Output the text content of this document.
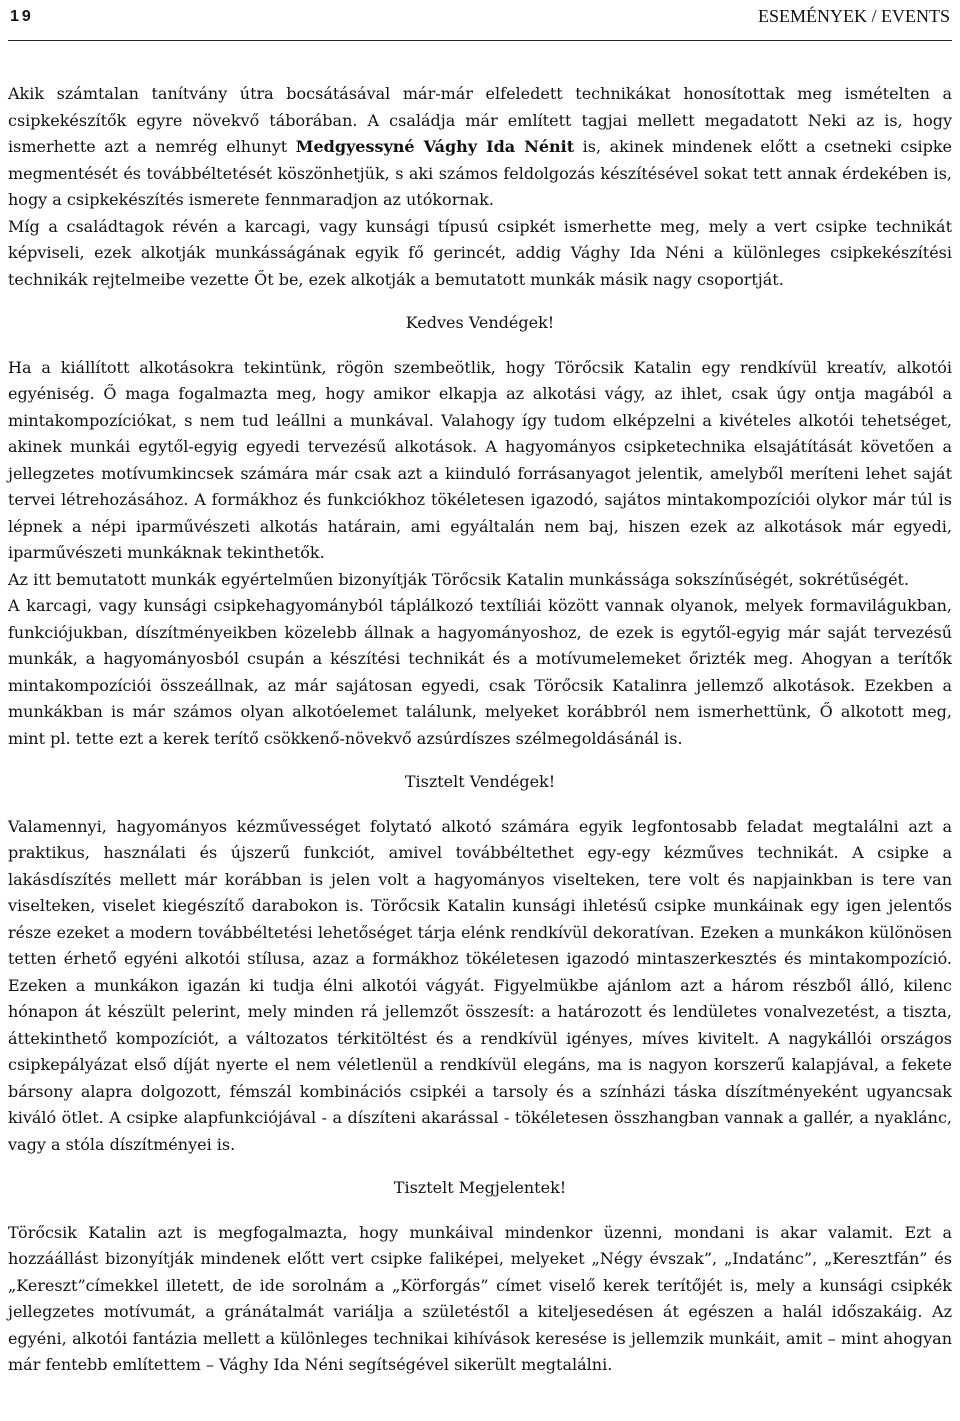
19	ESEMÉNYEK / EVENTS

Akik számtalan tanítvány útra bocsátásával már-már elfeledett technikákat honosítottak meg ismételten a csipkekészítők egyre növekvő táborában. A családja már említett tagjai mellett megadatott Neki az is, hogy ismerhette azt a nemrég elhunyt Medgyessyné Vághy Ida Nénit is, akinek mindenek előtt a csetneki csipke megmentését és továbbéltetését köszönhetjük, s aki számos feldolgozás készítésével sokat tett annak érdekében is, hogy a csipkekészítés ismerete fennmaradjon az utókornak.

Míg a családtagok révén a karcagi, vagy kunsági típusú csipkét ismerhette meg, mely a vert csipke technikát képviseli, ezek alkotják munkásságának egyik fő gerincét, addig Vághy Ida Néni a különleges csipkekészítési technikák rejtelmeibe vezette Őt be, ezek alkotják a bemutatott munkák másik nagy csoportját.

Kedves Vendégek!

Ha a kiállított alkotásokra tekintünk, rögön szembeötlik, hogy Törőcsik Katalin egy rendkívül kreatív, alkotói egyéniség. Ő maga fogalmazta meg, hogy amikor elkapja az alkotási vágy, az ihlet, csak úgy ontja magából a mintakompozíciókat, s nem tud leállni a munkával. Valahogy így tudom elképzelni a kivételes alkotói tehetséget, akinek munkái egytől-egyig egyedi tervezésű alkotások. A hagyományos csipketechnika elsajátítását követően a jellegzetes motívumkincsek számára már csak azt a kiinduló forrásanyagot jelentik, amelyből meríteni lehet saját tervei létrehozásához. A formákhoz és funkciókhoz tökéletesen igazodó, sajátos mintakompozíciói olykor már túl is lépnek a népi iparművészeti alkotás határain, ami egyáltalán nem baj, hiszen ezek az alkotások már egyedi, iparművészeti munkáknak tekinthetők.

Az itt bemutatott munkák egyértelműen bizonyítják Törőcsik Katalin munkássága sokszínűségét, sokrétűségét.

A karcagi, vagy kunsági csipkehagyományból táplálkozó textíliái között vannak olyanok, melyek formavilágukban, funkciójukban, díszítményeikben közelebb állnak a hagyományoshoz, de ezek is egytől-egyig már saját tervezésű munkák, a hagyományosból csupán a készítési technikát és a motívumelemeket őrizték meg. Ahogyan a terítők mintakompozíciói összeállnak, az már sajátosan egyedi, csak Törőcsik Katalinra jellemző alkotások. Ezekben a munkákban is már számos olyan alkotóelemet találunk, melyeket korábbról nem ismerhettünk, Ő alkotott meg, mint pl. tette ezt a kerek terítő csökkenő-növekvő azsúrdíszes szélmegoldásánál is.

Tisztelt Vendégek!

Valamennyi, hagyományos kézművességet folytató alkotó számára egyik legfontosabb feladat megtalálni azt a praktikus, használati és újszerű funkciót, amivel továbbéltethet egy-egy kézműves technikát. A csipke a lakásdíszítés mellett már korábban is jelen volt a hagyományos viselteken, tere volt és napjainkban is tere van viselteken, viselet kiegészítő darabokon is. Törőcsik Katalin kunsági ihletésű csipke munkáinak egy igen jelentős része ezeket a modern továbbéltetési lehetőséget tárja elénk rendkívül dekoratívan. Ezeken a munkákon különösen tetten érhető egyéni alkotói stílusa, azaz a formákhoz tökéletesen igazodó mintaszerkesztés és mintakompozíció. Ezeken a munkákon igazán ki tudja élni alkotói vágyát. Figyelmükbe ajánlom azt a három részből álló, kilenc hónapon át készült pelerint, mely minden rá jellemzőt összesít: a határozott és lendületes vonalvezetést, a tiszta, áttekinthető kompozíciót, a változatos térkitöltést és a rendkívül igényes, míves kivitelt. A nagykállói országos csipkepályázat első díját nyerte el nem véletlenül a rendkívül elegáns, ma is nagyon korszerű kalapjával, a fekete bársony alapra dolgozott, fémszál kombinációs csipkéi a tarsoly és a színházi táska díszítményeként ugyancsak kiváló ötlet. A csipke alapfunkciójával - a díszíteni akarással - tökéletesen összhangban vannak a gallér, a nyaklánc, vagy a stóla díszítményei is.

Tisztelt Megjelentek!

Törőcsik Katalin azt is megfogalmazta, hogy munkáival mindenkor üzenni, mondani is akar valamit. Ezt a hozzáállást bizonyítják mindenek előtt vert csipke faliképei, melyeket „Négy évszak”, „Indatánc”, „Keresztfán” és „Kereszt”címekkel illetett, de ide sorolnám a „Körforgás” címet viselő kerek terítőjét is, mely a kunsági csipkék jellegzetes motívumát, a gránátalmát variálja a születéstől a kiteljesedésen át egészen a halál időszakáig. Az egyéni, alkotói fantázia mellett a különleges technikai kihívások keresése is jellemzik munkáit, amit – mint ahogyan már fentebb említettem – Vághy Ida Néni segítségével sikerült megtalálni.
